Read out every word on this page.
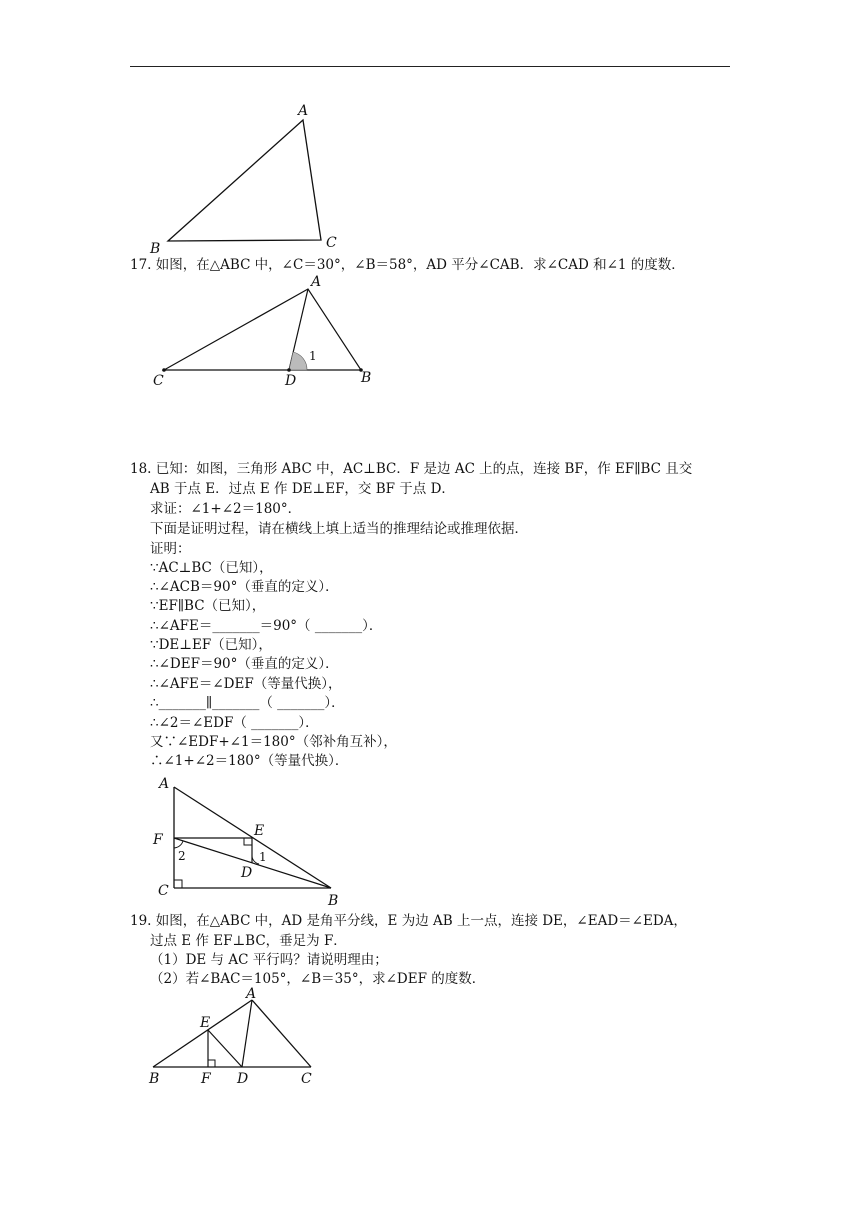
A
B	C
17. 如图，在△ABC 中，∠C＝30°，∠B＝58°，AD 平分∠CAB．求∠CAD 和∠1 的度数．
A
C	D	B
1
18. 已知：如图，三角形 ABC 中，AC⊥BC．F 是边 AC 上的点，连接 BF，作 EF∥BC 且交
AB 于点 E．过点 E 作 DE⊥EF，交 BF 于点 D．
求证：∠1+∠2＝180°．
下面是证明过程，请在横线上填上适当的推理结论或推理依据．
证明：
∵AC⊥BC（已知），
∴∠ACB＝90°（垂直的定义）．
∵EF∥BC（已知），
∴∠AFE＝_______＝90°（ _______）．
∵DE⊥EF（已知），
∴∠DEF＝90°（垂直的定义）．
∴∠AFE＝∠DEF（等量代换），
∴_______∥_______（ _______）．
∴∠2＝∠EDF（ _______）．
又∵∠EDF+∠1＝180°（邻补角互补），
∴∠1+∠2＝180°（等量代换）．
A
E
F
D
C
B
1
2
19. 如图，在△ABC 中，AD 是角平分线，E 为边 AB 上一点，连接 DE，∠EAD＝∠EDA，
过点 E 作 EF⊥BC，垂足为 F．
（1）DE 与 AC 平行吗？请说明理由；
（2）若∠BAC＝105°，∠B＝35°，求∠DEF 的度数．
A
E
B	F D	C
